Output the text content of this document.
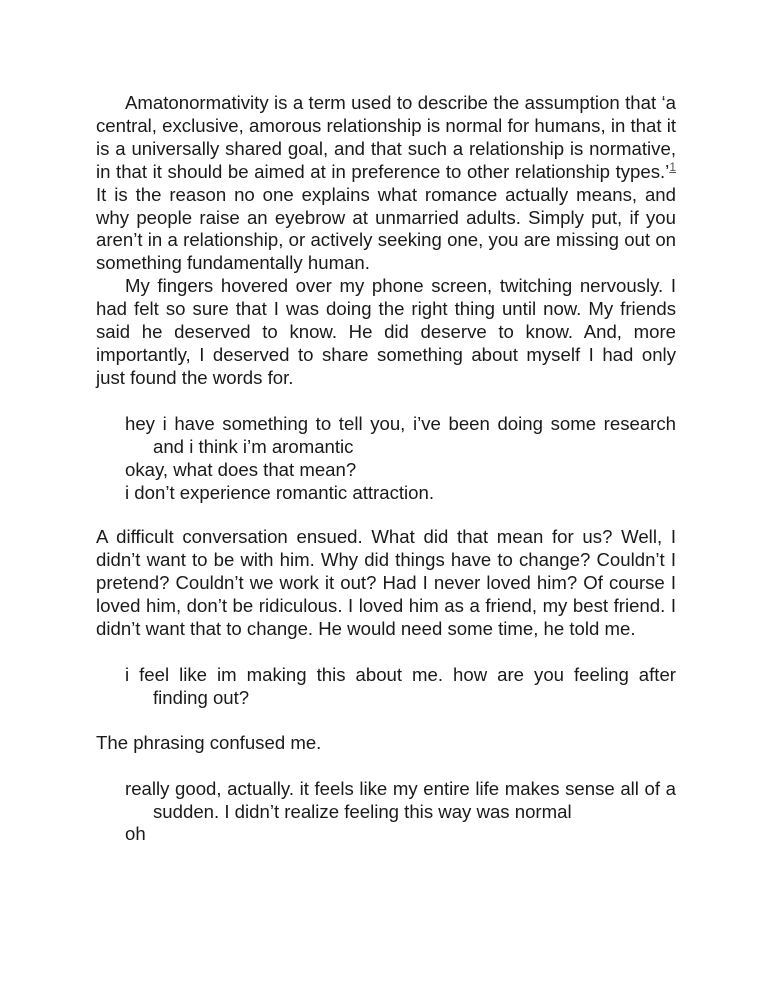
Amatonormativity is a term used to describe the assumption that ‘a central, exclusive, amorous relationship is normal for humans, in that it is a universally shared goal, and that such a relationship is normative, in that it should be aimed at in preference to other relationship types.’$^1$ It is the reason no one explains what romance actually means, and why people raise an eyebrow at unmarried adults. Simply put, if you aren’t in a relationship, or actively seeking one, you are missing out on something fundamentally human.

My fingers hovered over my phone screen, twitching nervously. I had felt so sure that I was doing the right thing until now. My friends said he deserved to know. He did deserve to know. And, more importantly, I deserved to share something about myself I had only just found the words for.

hey i have something to tell you, i’ve been doing some research and i think i’m aromantic

okay, what does that mean?

i don’t experience romantic attraction.

A difficult conversation ensued. What did that mean for us? Well, I didn’t want to be with him. Why did things have to change? Couldn’t I pretend? Couldn’t we work it out? Had I never loved him? Of course I loved him, don’t be ridiculous. I loved him as a friend, my best friend. I didn’t want that to change. He would need some time, he told me.

i feel like im making this about me. how are you feeling after finding out?

The phrasing confused me.

really good, actually. it feels like my entire life makes sense all of a sudden. I didn’t realize feeling this way was normal

oh
